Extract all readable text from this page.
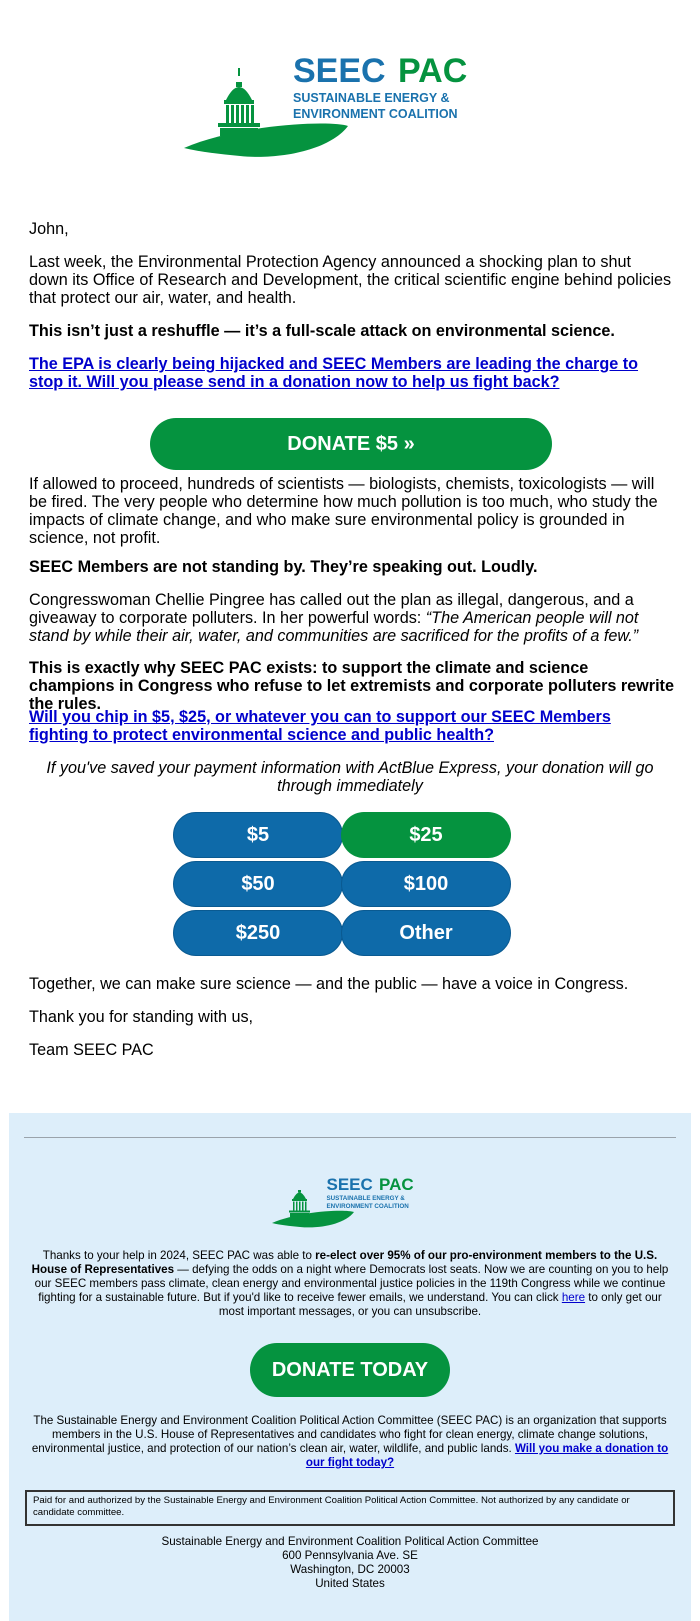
SEEC PAC
SUSTAINABLE ENERGY &
ENVIRONMENT COALITION

John,

Last week, the Environmental Protection Agency announced a shocking plan to shut down its Office of Research and Development, the critical scientific engine behind policies that protect our air, water, and health.

This isn’t just a reshuffle — it’s a full-scale attack on environmental science.

The EPA is clearly being hijacked and SEEC Members are leading the charge to stop it. Will you please send in a donation now to help us fight back?

DONATE $5 »

If allowed to proceed, hundreds of scientists — biologists, chemists, toxicologists — will be fired. The very people who determine how much pollution is too much, who study the impacts of climate change, and who make sure environmental policy is grounded in science, not profit.

SEEC Members are not standing by. They’re speaking out. Loudly.

Congresswoman Chellie Pingree has called out the plan as illegal, dangerous, and a giveaway to corporate polluters. In her powerful words: “The American people will not stand by while their air, water, and communities are sacrificed for the profits of a few.”

This is exactly why SEEC PAC exists: to support the climate and science champions in Congress who refuse to let extremists and corporate polluters rewrite the rules.

Will you chip in $5, $25, or whatever you can to support our SEEC Members fighting to protect environmental science and public health?

If you've saved your payment information with ActBlue Express, your donation will go through immediately

$5	$25
$50	$100
$250	Other

Together, we can make sure science — and the public — have a voice in Congress.

Thank you for standing with us,

Team SEEC PAC

SEEC PAC
SUSTAINABLE ENERGY &
ENVIRONMENT COALITION

Thanks to your help in 2024, SEEC PAC was able to re-elect over 95% of our pro-environment members to the U.S. House of Representatives — defying the odds on a night where Democrats lost seats. Now we are counting on you to help our SEEC members pass climate, clean energy and environmental justice policies in the 119th Congress while we continue fighting for a sustainable future. But if you'd like to receive fewer emails, we understand. You can click here to only get our most important messages, or you can unsubscribe.

DONATE TODAY

The Sustainable Energy and Environment Coalition Political Action Committee (SEEC PAC) is an organization that supports members in the U.S. House of Representatives and candidates who fight for clean energy, climate change solutions, environmental justice, and protection of our nation’s clean air, water, wildlife, and public lands. Will you make a donation to our fight today?

Paid for and authorized by the Sustainable Energy and Environment Coalition Political Action Committee. Not authorized by any candidate or candidate committee.

Sustainable Energy and Environment Coalition Political Action Committee
600 Pennsylvania Ave. SE
Washington, DC 20003
United States
